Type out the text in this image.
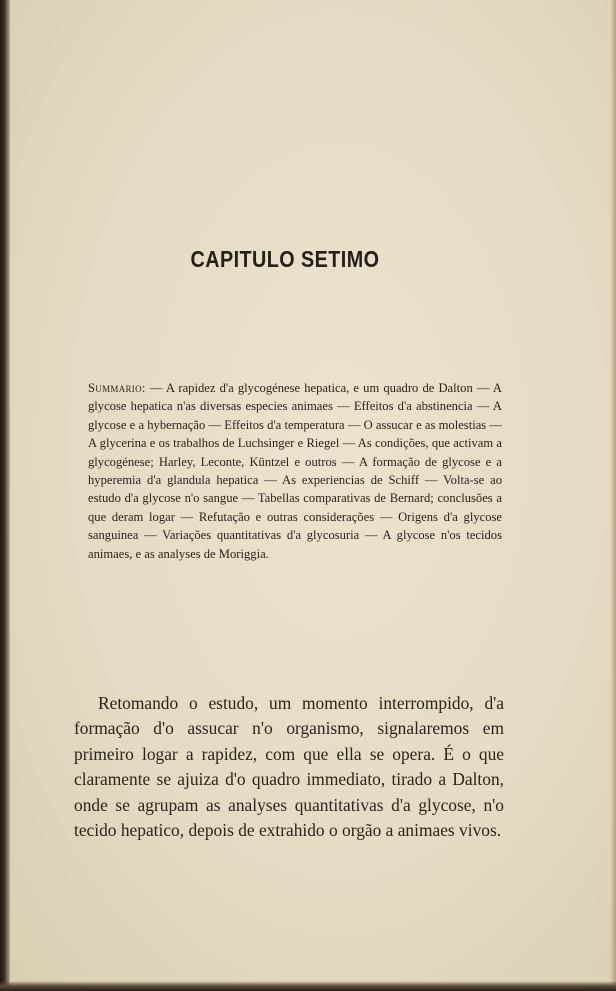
CAPITULO SETIMO

Summario: — A rapidez d'a glycogénese hepatica, e um quadro de Dalton — A glycose hepatica n'as diversas especies animaes — Effeitos d'a abstinencia — A glycose e a hybernação — Effeitos d'a temperatura — O assucar e as molestias — A glycerina e os trabalhos de Luchsinger e Riegel — As condições, que activam a glycogénese; Harley, Leconte, Küntzel e outros — A formação de glycose e a hyperemia d'a glandula hepatica — As experiencias de Schiff — Volta-se ao estudo d'a glycose n'o sangue — Tabellas comparativas de Bernard; conclusões a que deram logar — Refutação e outras considerações — Origens d'a glycose sanguinea — Variações quantitativas d'a glycosuria — A glycose n'os tecidos animaes, e as analyses de Moriggia.

Retomando o estudo, um momento interrompido, d'a formação d'o assucar n'o organismo, signalaremos em primeiro logar a rapidez, com que ella se opera. É o que claramente se ajuiza d'o quadro immediato, tirado a Dalton, onde se agrupam as analyses quantitativas d'a glycose, n'o tecido hepatico, depois de extrahido o orgão a animaes vivos.
